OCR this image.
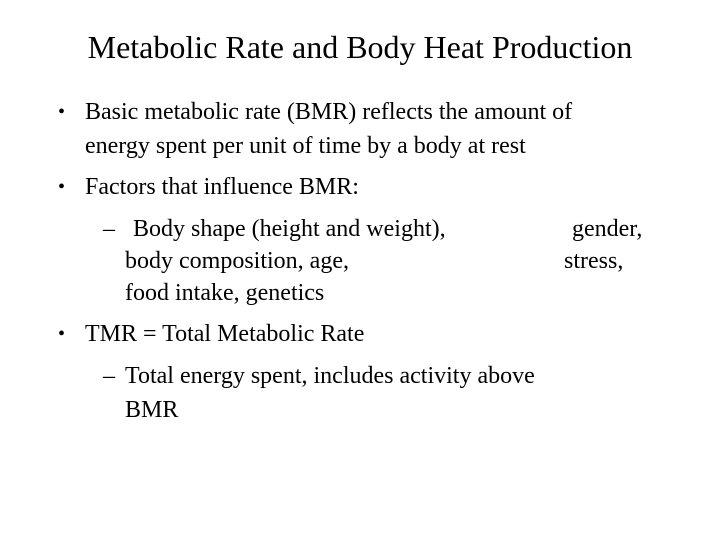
Metabolic Rate and Body Heat Production
• Basic metabolic rate (BMR) reflects the amount of
energy spent per unit of time by a body at rest
• Factors that influence BMR:
– Body shape (height and weight),	gender,
body composition, age,	stress,
food intake, genetics
• TMR = Total Metabolic Rate
– Total energy spent, includes activity above
BMR
